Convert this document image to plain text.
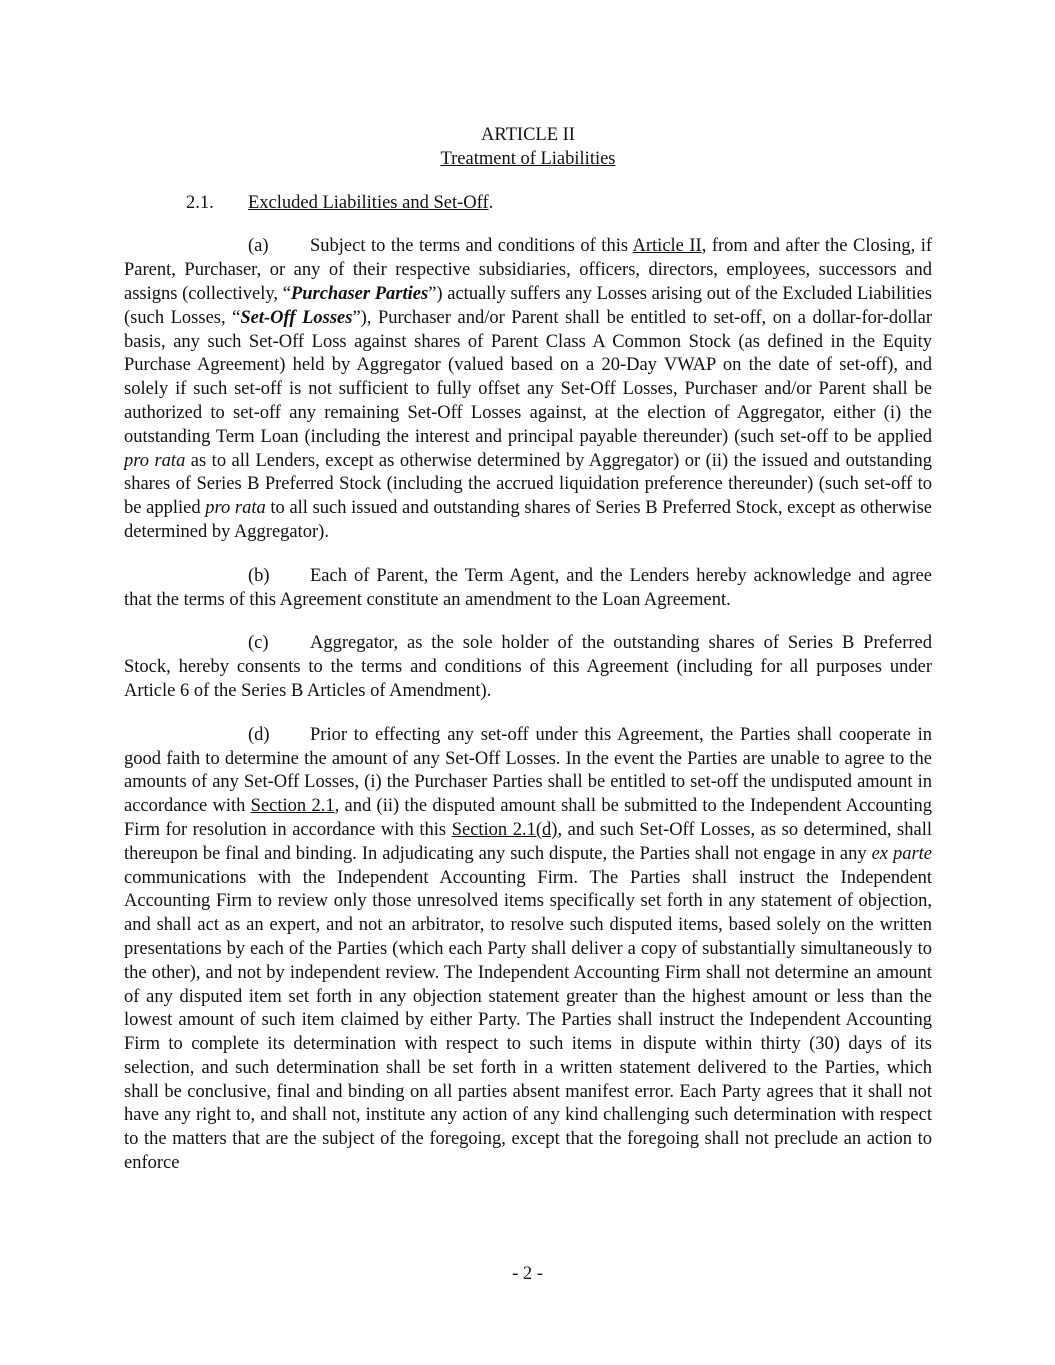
ARTICLE II
Treatment of Liabilities
2.1. Excluded Liabilities and Set-Off.

(a) Subject to the terms and conditions of this Article II, from and after the Closing, if Parent, Purchaser, or any of their respective subsidiaries, officers, directors, employees, successors and assigns (collectively, “Purchaser Parties”) actually suffers any Losses arising out of the Excluded Liabilities (such Losses, “Set-Off Losses”), Purchaser and/or Parent shall be entitled to set-off, on a dollar-for-dollar basis, any such Set-Off Loss against shares of Parent Class A Common Stock (as defined in the Equity Purchase Agreement) held by Aggregator (valued based on a 20-Day VWAP on the date of set-off), and solely if such set-off is not sufficient to fully offset any Set-Off Losses, Purchaser and/or Parent shall be authorized to set-off any remaining Set-Off Losses against, at the election of Aggregator, either (i) the outstanding Term Loan (including the interest and principal payable thereunder) (such set-off to be applied pro rata as to all Lenders, except as otherwise determined by Aggregator) or (ii) the issued and outstanding shares of Series B Preferred Stock (including the accrued liquidation preference thereunder) (such set-off to be applied pro rata to all such issued and outstanding shares of Series B Preferred Stock, except as otherwise determined by Aggregator).

(b) Each of Parent, the Term Agent, and the Lenders hereby acknowledge and agree that the terms of this Agreement constitute an amendment to the Loan Agreement.

(c) Aggregator, as the sole holder of the outstanding shares of Series B Preferred Stock, hereby consents to the terms and conditions of this Agreement (including for all purposes under Article 6 of the Series B Articles of Amendment).

(d) Prior to effecting any set-off under this Agreement, the Parties shall cooperate in good faith to determine the amount of any Set-Off Losses. In the event the Parties are unable to agree to the amounts of any Set-Off Losses, (i) the Purchaser Parties shall be entitled to set-off the undisputed amount in accordance with Section 2.1, and (ii) the disputed amount shall be submitted to the Independent Accounting Firm for resolution in accordance with this Section 2.1(d), and such Set-Off Losses, as so determined, shall thereupon be final and binding. In adjudicating any such dispute, the Parties shall not engage in any ex parte communications with the Independent Accounting Firm. The Parties shall instruct the Independent Accounting Firm to review only those unresolved items specifically set forth in any statement of objection, and shall act as an expert, and not an arbitrator, to resolve such disputed items, based solely on the written presentations by each of the Parties (which each Party shall deliver a copy of substantially simultaneously to the other), and not by independent review. The Independent Accounting Firm shall not determine an amount of any disputed item set forth in any objection statement greater than the highest amount or less than the lowest amount of such item claimed by either Party. The Parties shall instruct the Independent Accounting Firm to complete its determination with respect to such items in dispute within thirty (30) days of its selection, and such determination shall be set forth in a written statement delivered to the Parties, which shall be conclusive, final and binding on all parties absent manifest error. Each Party agrees that it shall not have any right to, and shall not, institute any action of any kind challenging such determination with respect to the matters that are the subject of the foregoing, except that the foregoing shall not preclude an action to enforce

- 2 -
